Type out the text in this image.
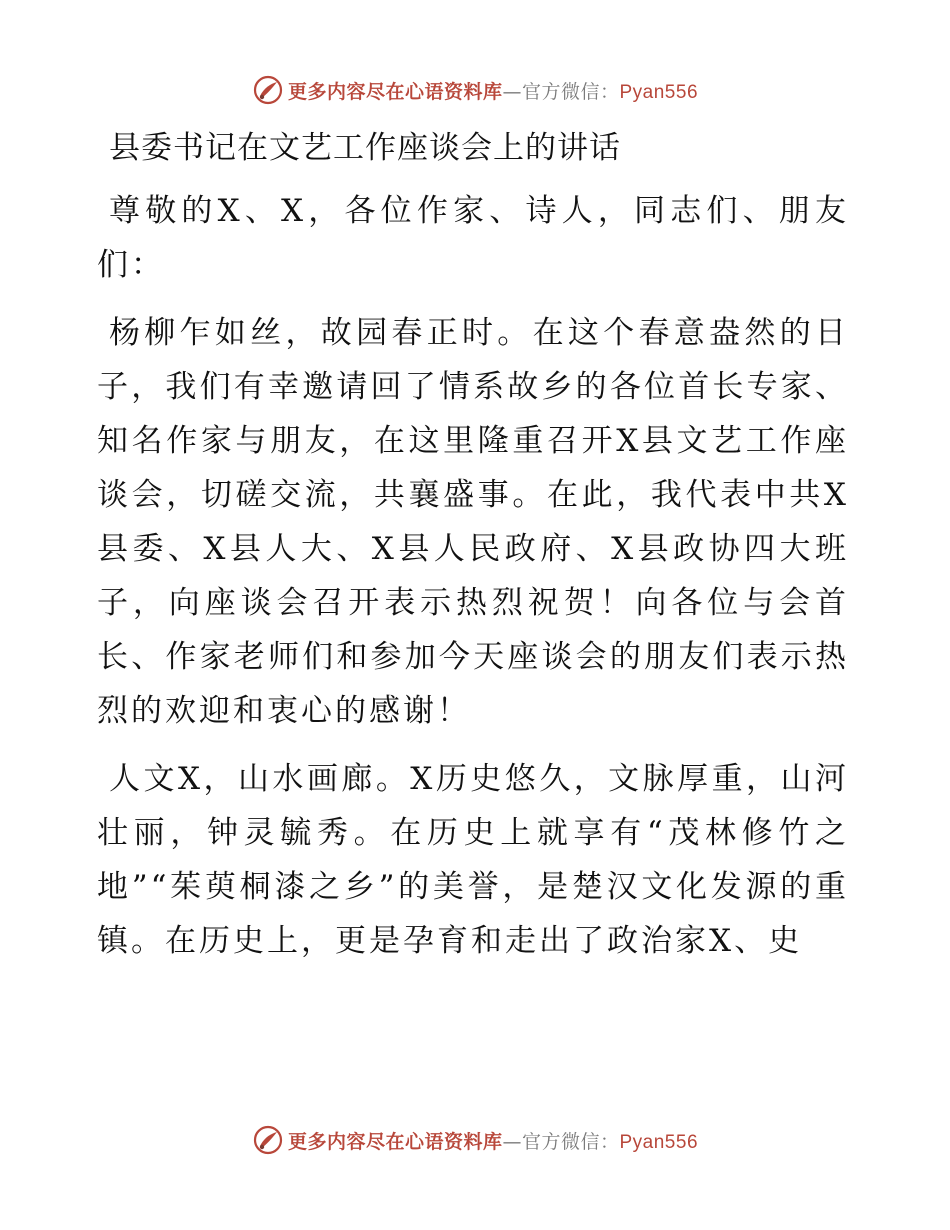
更多内容尽在心语资料库—官方微信：Pyan556
县委书记在文艺工作座谈会上的讲话

尊敬的X、X，各位作家、诗人，同志们、朋友们：

杨柳乍如丝，故园春正时。在这个春意盎然的日子，我们有幸邀请回了情系故乡的各位首长专家、知名作家与朋友，在这里隆重召开X县文艺工作座谈会，切磋交流，共襄盛事。在此，我代表中共X县委、X县人大、X县人民政府、X县政协四大班子，向座谈会召开表示热烈祝贺！向各位与会首长、作家老师们和参加今天座谈会的朋友们表示热烈的欢迎和衷心的感谢！

人文X，山水画廊。X历史悠久，文脉厚重，山河壮丽，钟灵毓秀。在历史上就享有“茂林修竹之地”“茱萸桐漆之乡”的美誉，是楚汉文化发源的重镇。在历史上，更是孕育和走出了政治家X、史

更多内容尽在心语资料库—官方微信：Pyan556
